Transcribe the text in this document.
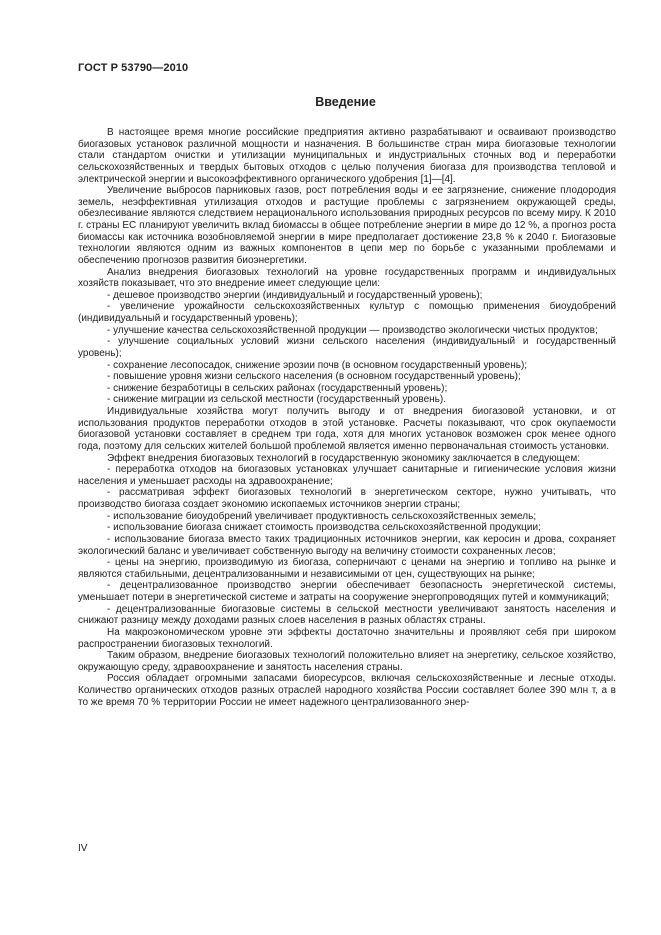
ГОСТ Р 53790—2010
Введение

В настоящее время многие российские предприятия активно разрабатывают и осваивают производство биогазовых установок различной мощности и назначения. В большинстве стран мира биогазовые технологии стали стандартом очистки и утилизации муниципальных и индустриальных сточных вод и переработки сельскохозяйственных и твердых бытовых отходов с целью получения биогаза для производства тепловой и электрической энергии и высокоэффективного органического удобрения [1]—[4].

Увеличение выбросов парниковых газов, рост потребления воды и ее загрязнение, снижение плодородия земель, неэффективная утилизация отходов и растущие проблемы с загрязнением окружающей среды, обезлесивание являются следствием нерационального использования природных ресурсов по всему миру. К 2010 г. страны ЕС планируют увеличить вклад биомассы в общее потребление энергии в мире до 12 %, а прогноз роста биомассы как источника возобновляемой энергии в мире предполагает достижение 23,8 % к 2040 г. Биогазовые технологии являются одним из важных компонентов в цепи мер по борьбе с указанными проблемами и обеспечению прогнозов развития биоэнергетики.

Анализ внедрения биогазовых технологий на уровне государственных программ и индивидуальных хозяйств показывает, что это внедрение имеет следующие цели:

- дешевое производство энергии (индивидуальный и государственный уровень);

- увеличение урожайности сельскохозяйственных культур с помощью применения биоудобрений (индивидуальный и государственный уровень);

- улучшение качества сельскохозяйственной продукции — производство экологически чистых продуктов;

- улучшение социальных условий жизни сельского населения (индивидуальный и государственный уровень);

- сохранение лесопосадок, снижение эрозии почв (в основном государственный уровень);

- повышение уровня жизни сельского населения (в основном государственный уровень);

- снижение безработицы в сельских районах (государственный уровень);

- снижение миграции из сельской местности (государственный уровень).

Индивидуальные хозяйства могут получить выгоду и от внедрения биогазовой установки, и от использования продуктов переработки отходов в этой установке. Расчеты показывают, что срок окупаемости биогазовой установки составляет в среднем три года, хотя для многих установок возможен срок менее одного года, поэтому для сельских жителей большой проблемой является именно первоначальная стоимость установки.

Эффект внедрения биогазовых технологий в государственную экономику заключается в следующем:

- переработка отходов на биогазовых установках улучшает санитарные и гигиенические условия жизни населения и уменьшает расходы на здравоохранение;

- рассматривая эффект биогазовых технологий в энергетическом секторе, нужно учитывать, что производство биогаза создает экономию ископаемых источников энергии страны;

- использование биоудобрений увеличивает продуктивность сельскохозяйственных земель;

- использование биогаза снижает стоимость производства сельскохозяйственной продукции;

- использование биогаза вместо таких традиционных источников энергии, как керосин и дрова, сохраняет экологический баланс и увеличивает собственную выгоду на величину стоимости сохраненных лесов;

- цены на энергию, производимую из биогаза, соперничают с ценами на энергию и топливо на рынке и являются стабильными, децентрализованными и независимыми от цен, существующих на рынке;

- децентрализованное производство энергии обеспечивает безопасность энергетической системы, уменьшает потери в энергетической системе и затраты на сооружение энергопроводящих путей и коммуникаций;

- децентрализованные биогазовые системы в сельской местности увеличивают занятость населения и снижают разницу между доходами разных слоев населения в разных областях страны.

На макроэкономическом уровне эти эффекты достаточно значительны и проявляют себя при широком распространении биогазовых технологий.

Таким образом, внедрение биогазовых технологий положительно влияет на энергетику, сельское хозяйство, окружающую среду, здравоохранение и занятость населения страны.

Россия обладает огромными запасами биоресурсов, включая сельскохозяйственные и лесные отходы. Количество органических отходов разных отраслей народного хозяйства России составляет более 390 млн т, а в то же время 70 % территории России не имеет надежного централизованного энер-

IV
